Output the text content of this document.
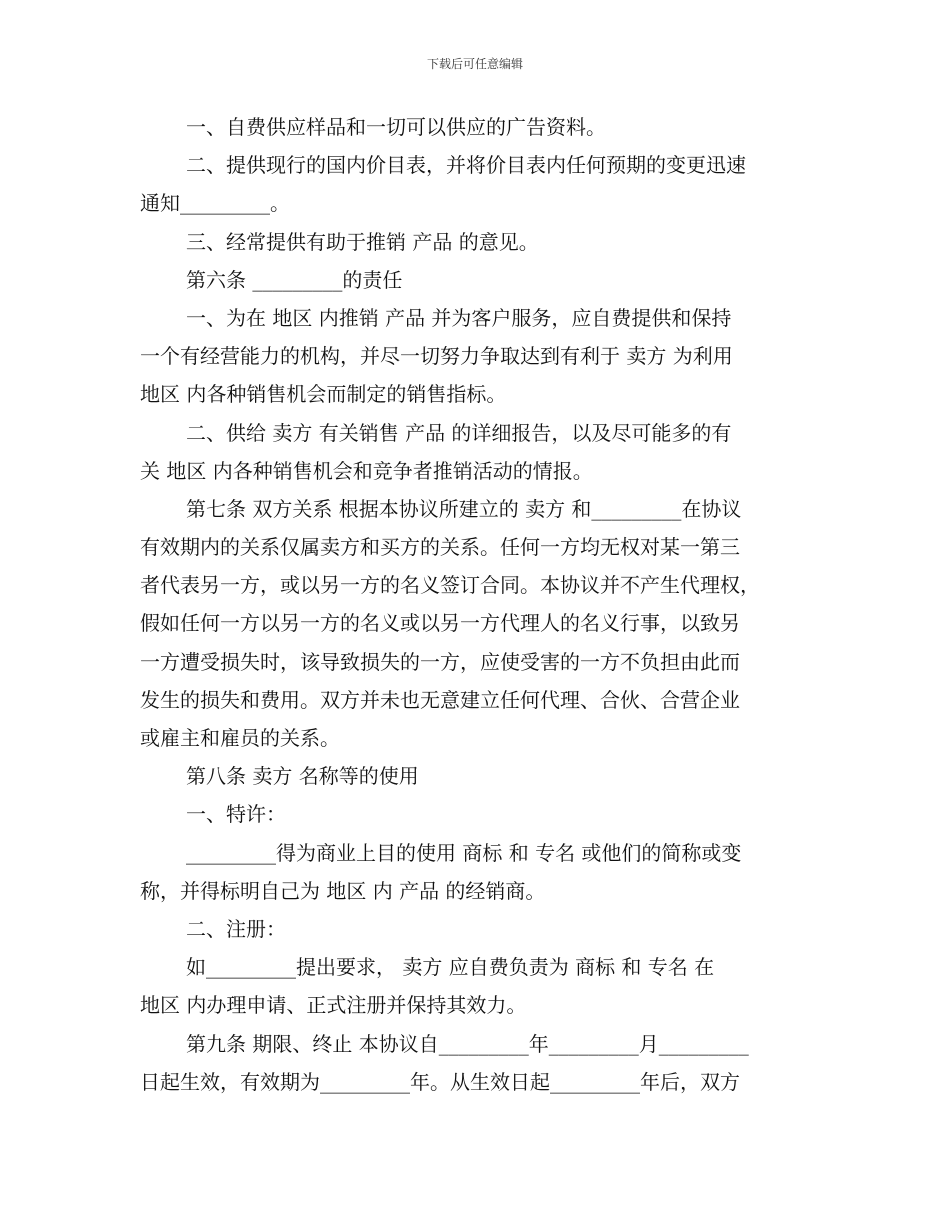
下载后可任意编辑
一、自费供应样品和一切可以供应的广告资料。
二、提供现行的国内价目表，并将价目表内任何预期的变更迅速
通知_________。
三、经常提供有助于推销 产品 的意见。
第六条 _________的责任
一、为在 地区 内推销 产品 并为客户服务，应自费提供和保持
一个有经营能力的机构，并尽一切努力争取达到有利于 卖方 为利用
地区 内各种销售机会而制定的销售指标。
二、供给 卖方 有关销售 产品 的详细报告，以及尽可能多的有
关 地区 内各种销售机会和竞争者推销活动的情报。
第七条 双方关系 根据本协议所建立的 卖方 和_________在协议
有效期内的关系仅属卖方和买方的关系。任何一方均无权对某一第三
者代表另一方，或以另一方的名义签订合同。本协议并不产生代理权，
假如任何一方以另一方的名义或以另一方代理人的名义行事，以致另
一方遭受损失时，该导致损失的一方，应使受害的一方不负担由此而
发生的损失和费用。双方并未也无意建立任何代理、合伙、合营企业
或雇主和雇员的关系。
第八条 卖方 名称等的使用
一、特许：
_________得为商业上目的使用 商标 和 专名 或他们的简称或变
称，并得标明自己为 地区 内 产品 的经销商。
二、注册：
如_________提出要求， 卖方 应自费负责为 商标 和 专名 在
地区 内办理申请、正式注册并保持其效力。
第九条 期限、终止 本协议自_________年_________月_________
日起生效，有效期为_________年。从生效日起_________年后，双方
